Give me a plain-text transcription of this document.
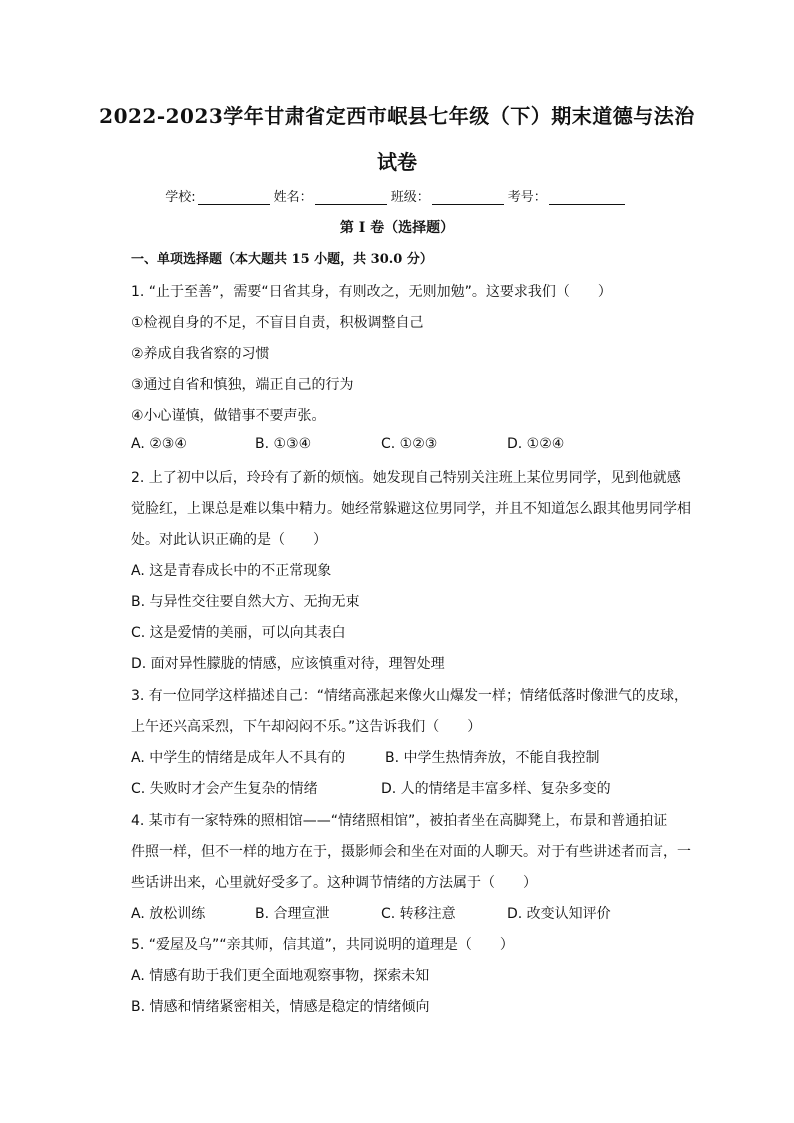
2022-2023学年甘肃省定西市岷县七年级（下）期末道德与法治
试卷
学校:	姓名：	班级：	考号：
第 I 卷（选择题）
一、单项选择题（本大题共 15 小题，共 30.0 分）
1. “止于至善”，需要“日省其身，有则改之，无则加勉”。这要求我们（　　）
①检视自身的不足，不盲目自责，积极调整自己
②养成自我省察的习惯
③通过自省和慎独，端正自己的行为
④小心谨慎，做错事不要声张。
A. ②③④	B. ①③④	C. ①②③	D. ①②④
2. 上了初中以后，玲玲有了新的烦恼。她发现自己特别关注班上某位男同学，见到他就感
觉脸红，上课总是难以集中精力。她经常躲避这位男同学，并且不知道怎么跟其他男同学相
处。对此认识正确的是（　　）
A. 这是青春成长中的不正常现象
B. 与异性交往要自然大方、无拘无束
C. 这是爱情的美丽，可以向其表白
D. 面对异性朦胧的情感，应该慎重对待，理智处理
3. 有一位同学这样描述自己：“情绪高涨起来像火山爆发一样；情绪低落时像泄气的皮球，
上午还兴高采烈，下午却闷闷不乐。”这告诉我们（　　）
A. 中学生的情绪是成年人不具有的	B. 中学生热情奔放，不能自我控制
C. 失败时才会产生复杂的情绪	D. 人的情绪是丰富多样、复杂多变的
4. 某市有一家特殊的照相馆——“情绪照相馆”，被拍者坐在高脚凳上，布景和普通拍证
件照一样，但不一样的地方在于，摄影师会和坐在对面的人聊天。对于有些讲述者而言，一
些话讲出来，心里就好受多了。这种调节情绪的方法属于（　　）
A. 放松训练	B. 合理宣泄	C. 转移注意	D. 改变认知评价
5. “爱屋及乌”“亲其师，信其道”，共同说明的道理是（　　）
A. 情感有助于我们更全面地观察事物，探索未知
B. 情感和情绪紧密相关，情感是稳定的情绪倾向
